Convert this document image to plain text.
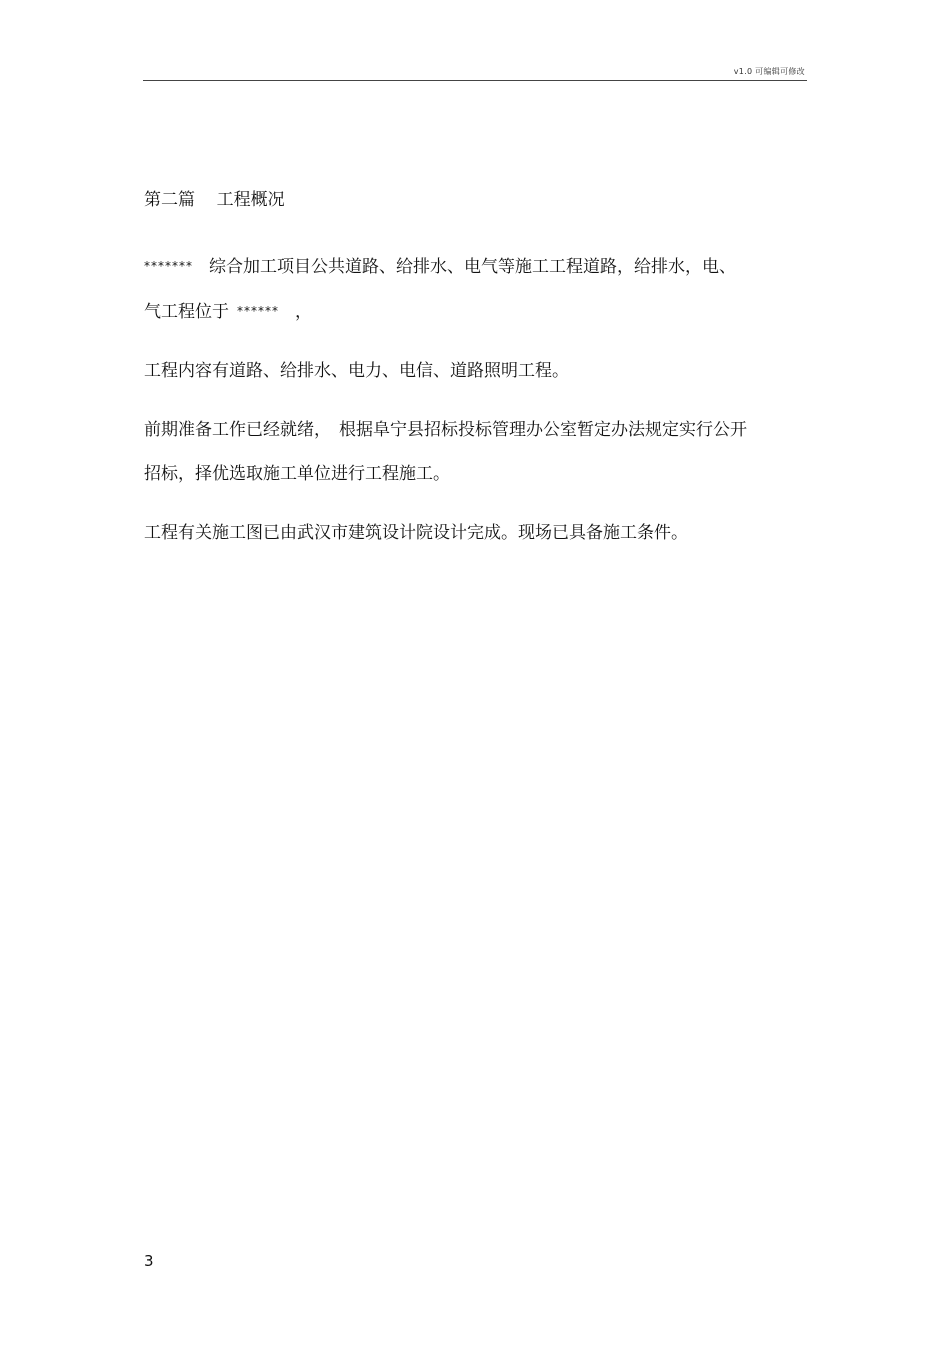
v1.0 可编辑可修改
第二篇    工程概况

******* 综合加工项目公共道路、给排水、电气等施工工程道路，给排水，电、
气工程位于 ****** ，

工程内容有道路、给排水、电力、电信、道路照明工程。

前期准备工作已经就绪， 根据阜宁县招标投标管理办公室暂定办法规定实行公开
招标，择优选取施工单位进行工程施工。

工程有关施工图已由武汉市建筑设计院设计完成。现场已具备施工条件。

3
